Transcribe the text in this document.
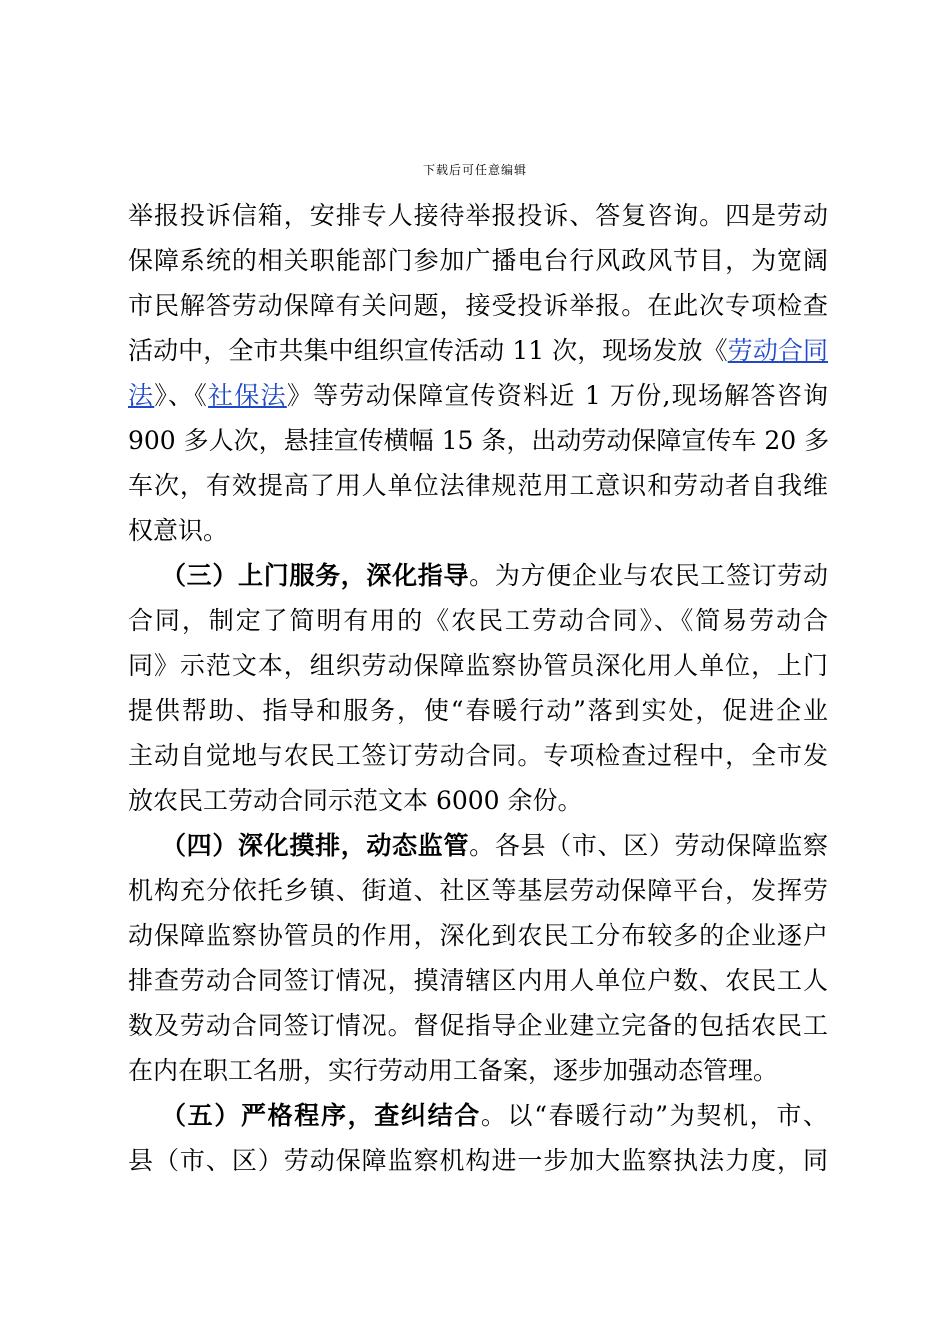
下载后可任意编辑
举报投诉信箱，安排专人接待举报投诉、答复咨询。四是劳动
保障系统的相关职能部门参加广播电台行风政风节目，为宽阔
市民解答劳动保障有关问题，接受投诉举报。在此次专项检查
活动中，全市共集中组织宣传活动 11 次，现场发放《劳动合同
法》、《社保法》等劳动保障宣传资料近 1 万份,现场解答咨询
900 多人次，悬挂宣传横幅 15 条，出动劳动保障宣传车 20 多
车次，有效提高了用人单位法律规范用工意识和劳动者自我维
权意识。
（三）上门服务，深化指导。为方便企业与农民工签订劳动
合同，制定了简明有用的《农民工劳动合同》、《简易劳动合
同》示范文本，组织劳动保障监察协管员深化用人单位，上门
提供帮助、指导和服务，使“春暖行动”落到实处，促进企业
主动自觉地与农民工签订劳动合同。专项检查过程中，全市发
放农民工劳动合同示范文本 6000 余份。
（四）深化摸排，动态监管。各县（市、区）劳动保障监察
机构充分依托乡镇、街道、社区等基层劳动保障平台，发挥劳
动保障监察协管员的作用，深化到农民工分布较多的企业逐户
排查劳动合同签订情况，摸清辖区内用人单位户数、农民工人
数及劳动合同签订情况。督促指导企业建立完备的包括农民工
在内在职工名册，实行劳动用工备案，逐步加强动态管理。
（五）严格程序，查纠结合。以“春暖行动”为契机，市、
县（市、区）劳动保障监察机构进一步加大监察执法力度，同
